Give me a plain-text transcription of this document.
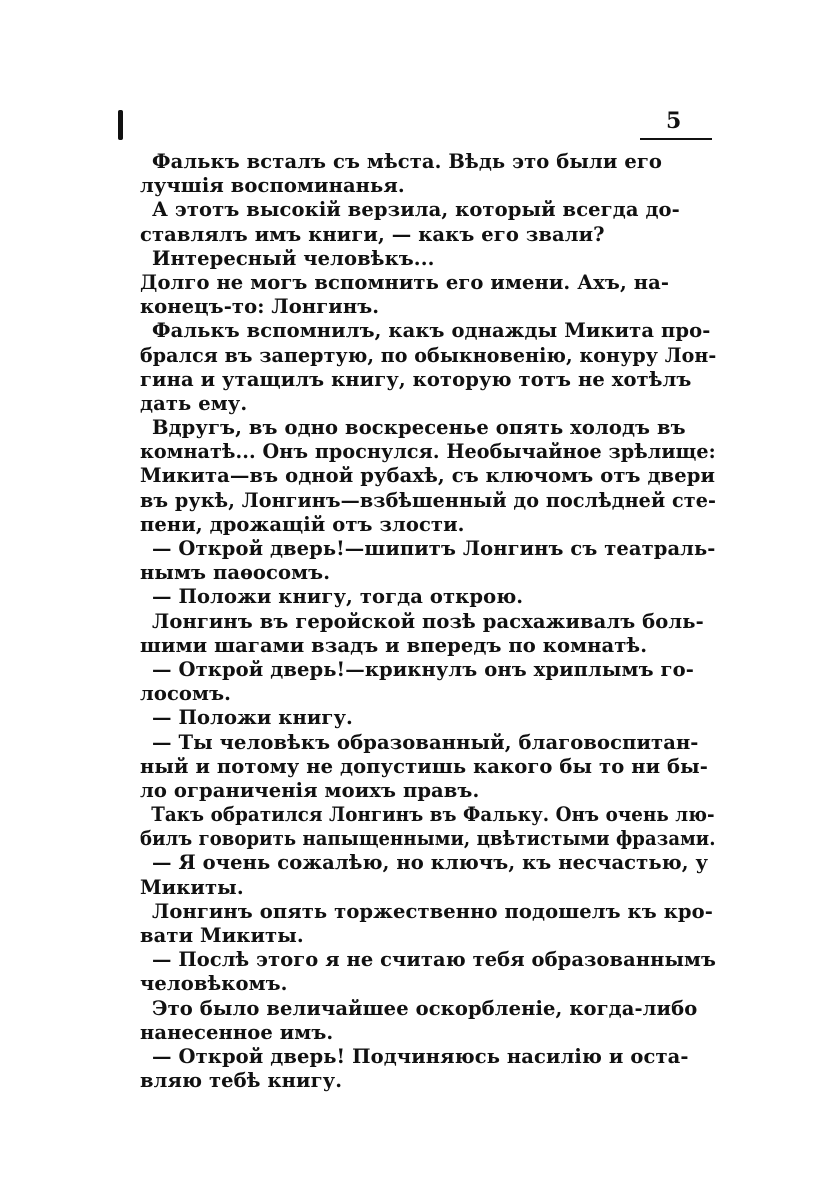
5
Фалькъ всталъ съ мѣста. Вѣдь это были его
лучшія воспоминанья.
А этотъ высокій верзила, который всегда до-
ставлялъ имъ книги, — какъ его звали?
Интересный человѣкъ...
Долго не могъ вспомнить его имени. Ахъ, на-
конецъ-то: Лонгинъ.
Фалькъ вспомнилъ, какъ однажды Микита про-
брался въ запертую, по обыкновенію, конуру Лон-
гина и утащилъ книгу, которую тотъ не хотѣлъ
дать ему.
Вдругъ, въ одно воскресенье опять холодъ въ
комнатѣ... Онъ проснулся. Необычайное зрѣлище:
Микита—въ одной рубахѣ, съ ключомъ отъ двери
въ рукѣ, Лонгинъ—взбѣшенный до послѣдней сте-
пени, дрожащій отъ злости.
— Открой дверь!—шипитъ Лонгинъ съ театраль-
нымъ паѳосомъ.
— Положи книгу, тогда открою.
Лонгинъ въ геройской позѣ расхаживалъ боль-
шими шагами взадъ и впередъ по комнатѣ.
— Открой дверь!—крикнулъ онъ хриплымъ го-
лосомъ.
— Положи книгу.
— Ты человѣкъ образованный, благовоспитан-
ный и потому не допустишь какого бы то ни бы-
ло ограниченія моихъ правъ.
Такъ обратился Лонгинъ въ Фальку. Онъ очень лю-
билъ говорить напыщенными, цвѣтистыми фразами.
— Я очень сожалѣю, но ключъ, къ несчастью, у
Микиты.
Лонгинъ опять торжественно подошелъ къ кро-
вати Микиты.
— Послѣ этого я не считаю тебя образованнымъ
человѣкомъ.
Это было величайшее оскорбленіе, когда-либо
нанесенное имъ.
— Открой дверь! Подчиняюсь насилію и оста-
вляю тебѣ книгу.
